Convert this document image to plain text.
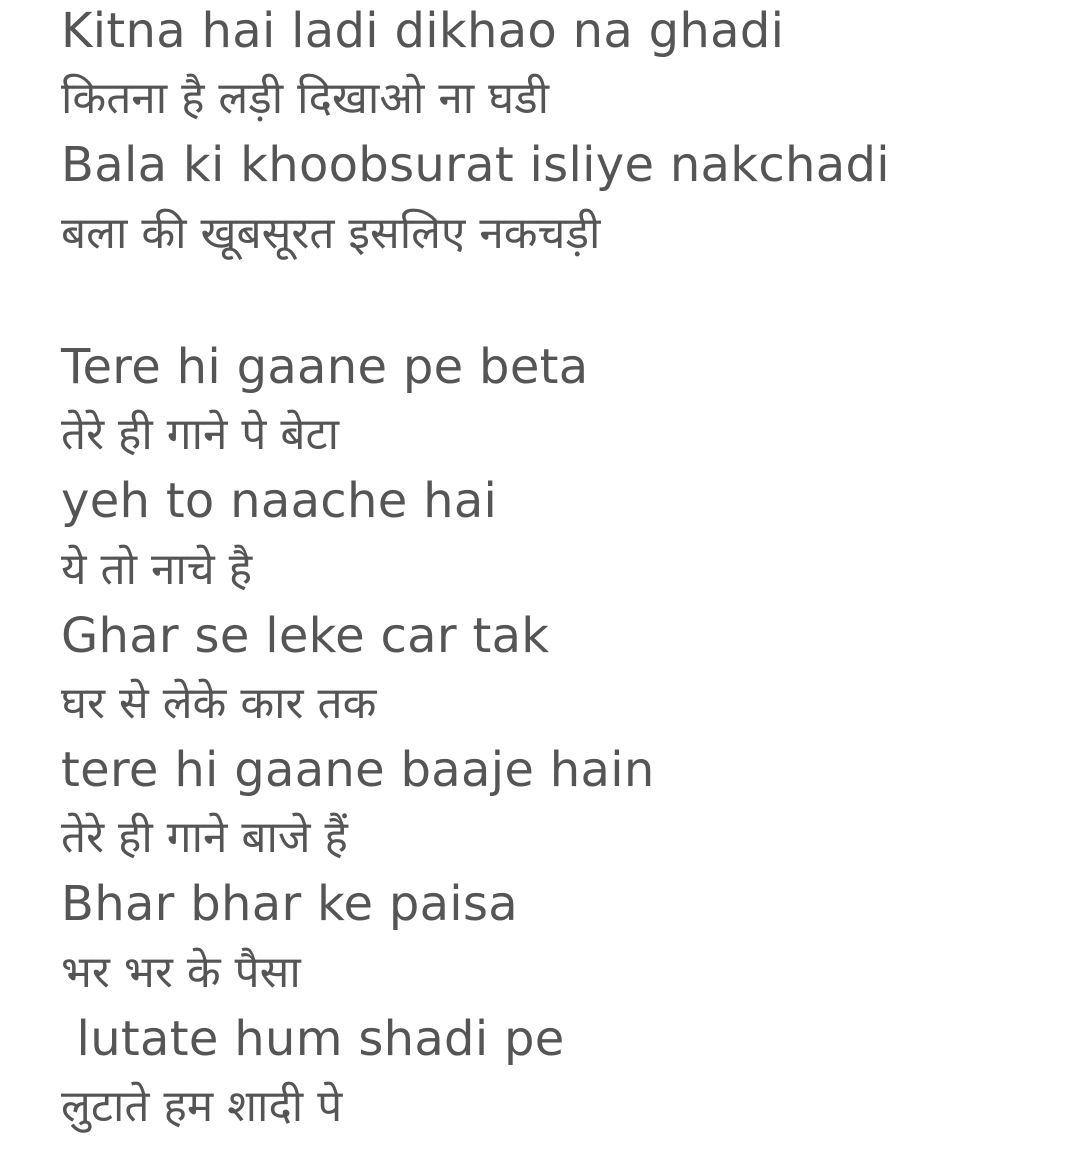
Kitna hai ladi dikhao na ghadi
कितना है लड़ी दिखाओ ना घडी
Bala ki khoobsurat isliye nakchadi
बला की खूबसूरत इसलिए नकचड़ी
Tere hi gaane pe beta
तेरे ही गाने पे बेटा
yeh to naache hai
ये तो नाचे है
Ghar se leke car tak
घर से लेके कार तक
tere hi gaane baaje hain
तेरे ही गाने बाजे हैं
Bhar bhar ke paisa
भर भर के पैसा
lutate hum shadi pe
लुटाते हम शादी पे
